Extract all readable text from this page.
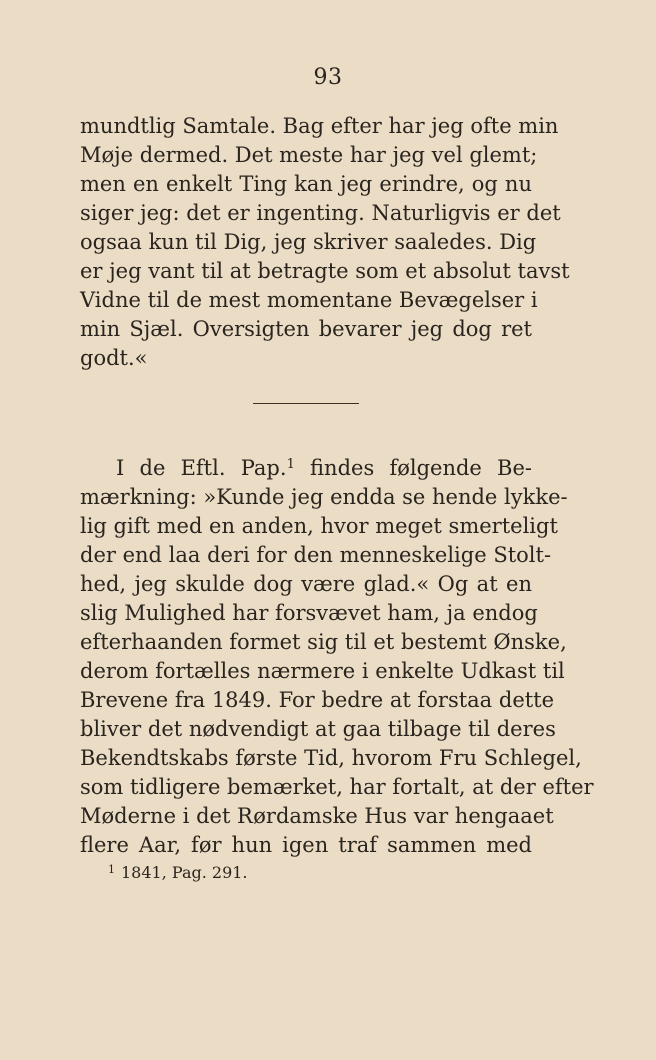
93
mundtlig Samtale. Bag efter har jeg ofte min
Møje dermed. Det meste har jeg vel glemt;
men en enkelt Ting kan jeg erindre, og nu
siger jeg: det er ingenting. Naturligvis er det
ogsaa kun til Dig, jeg skriver saaledes. Dig
er jeg vant til at betragte som et absolut tavst
Vidne til de mest momentane Bevægelser i
min Sjæl. Oversigten bevarer jeg dog ret
godt.«
I de Eftl. Pap.$^1$ findes følgende Be-
mærkning: »Kunde jeg endda se hende lykke-
lig gift med en anden, hvor meget smerteligt
der end laa deri for den menneskelige Stolt-
hed, jeg skulde dog være glad.« Og at en
slig Mulighed har forsvævet ham, ja endog
efterhaanden formet sig til et bestemt Ønske,
derom fortælles nærmere i enkelte Udkast til
Brevene fra 1849. For bedre at forstaa dette
bliver det nødvendigt at gaa tilbage til deres
Bekendtskabs første Tid, hvorom Fru Schlegel,
som tidligere bemærket, har fortalt, at der efter
Møderne i det Rørdamske Hus var hengaaet
flere Aar, før hun igen traf sammen med
$^1$ 1841, Pag. 291.
